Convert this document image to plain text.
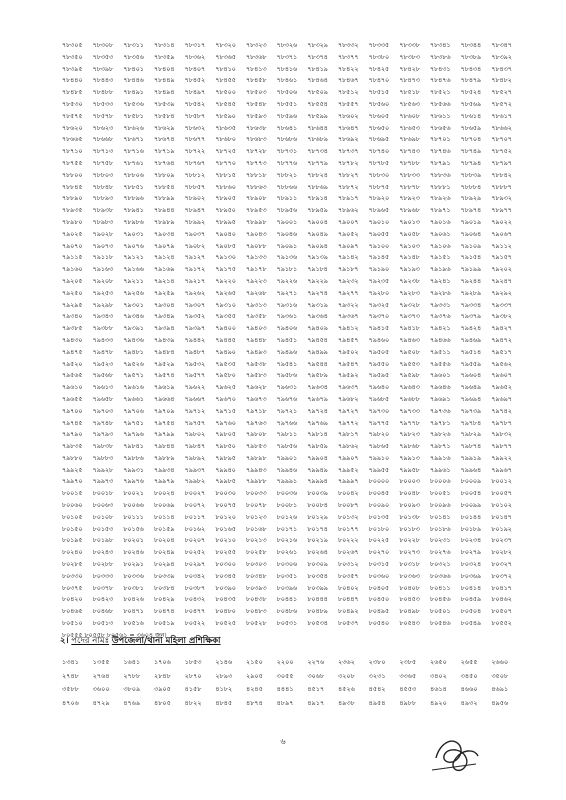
৭৮৩০৫	৭৮৩০৮	৭৮৩১১	৭৮৩১৪	৭৮৩১৭	৭৮৩২০	৭৮৩২৩	৭৮৩২৬	৭৮৩২৯	৭৮৩৩২	৭৮৩৩৫	৭৮৩৩৮	৭৮৩৪১	৭৮৩৪৪	৭৮৩৪৭
৭৮৩৫০	৭৮৩৫৩	৭৮৩৫৬	৭৮৩৫৯	৭৮৩৬২	৭৮৩৬৫	৭৮৩৬৮	৭৮৩৭১	৭৮৩৭৪	৭৮৩৭৭	৭৮৩৮০	৭৮৩৮৩	৭৮৩৮৬	৭৮৩৮৯	৭৮৩৯২
৭৮৩৯৫	৭৮৩৯৮	৭৮৪০১	৭৮৪০৪	৭৮৪০৭	৭৮৪১০	৭৮৪১৩	৭৮৪১৬	৭৮৪১৯	৭৮৪২২	৭৮৪২৫	৭৮৪২৮	৭৮৪৩১	৭৮৪৩৪	৭৮৪৩৭
৭৮৪৪০	৭৮৪৪৩	৭৮৪৪৬	৭৮৪৪৯	৭৮৪৫২	৭৮৪৫৫	৭৮৪৫৮	৭৮৪৬১	৭৮৪৬৪	৭৮৪৬৭	৭৮৪৭০	৭৮৪৭৩	৭৮৪৭৬	৭৮৪৭৯	৭৮৪৮২
৭৮৪৮৫	৭৮৪৮৮	৭৮৪৯১	৭৮৪৯৪	৭৮৪৯৭	৭৮৫০০	৭৮৫০৩	৭৮৫০৬	৭৮৫০৯	৭৮৫১২	৭৮৫১৫	৭৮৫১৮	৭৮৫২১	৭৮৫২৪	৭৮৫২৭
৭৮৫৩০	৭৮৫৩৩	৭৮৫৩৬	৭৮৫৩৯	৭৮৫৪২	৭৮৫৪৫	৭৮৫৪৮	৭৮৫৫১	৭৮৫৫৪	৭৮৫৫৭	৭৮৫৬০	৭৮৫৬৩	৭৮৫৬৬	৭৮৫৬৯	৭৮৫৭২
৭৮৫৭৫	৭৮৫৭৮	৭৮৫৮১	৭৮৫৮৪	৭৮৫৮৭	৭৮৫৯০	৭৮৫৯৩	৭৮৫৯৬	৭৮৫৯৯	৭৮৬০২	৭৮৬০৫	৭৮৬০৮	৭৮৬১১	৭৮৬১৪	৭৮৬১৭
৭৮৬২০	৭৮৬২৩	৭৮৬২৬	৭৮৬২৯	৭৮৬৩২	৭৮৬৩৫	৭৮৬৩৮	৭৮৬৪১	৭৮৬৪৪	৭৮৬৪৭	৭৮৬৫০	৭৮৬৫৩	৭৮৬৫৬	৭৮৬৫৯	৭৮৬৬২
৭৮৬৬৫	৭৮৬৬৮	৭৮৬৭১	৭৮৬৭৪	৭৮৬৭৭	৭৮৬৮০	৭৮৬৮৩	৭৮৬৮৬	৭৮৬৮৯	৭৮৬৯২	৭৮৬৯৫	৭৮৬৯৮	৭৮৭০১	৭৮৭০৪	৭৮৭০৭
৭৮৭১০	৭৮৭১৩	৭৮৭১৬	৭৮৭১৯	৭৮৭২২	৭৮৭২৫	৭৮৭২৮	৭৮৭৩১	৭৮৭৩৪	৭৮৭৩৭	৭৮৭৪০	৭৮৭৪৩	৭৮৭৪৬	৭৮৭৪৯	৭৮৭৫২
৭৮৭৫৫	৭৮৭৫৮	৭৮৭৬১	৭৮৭৬৪	৭৮৭৬৭	৭৮৭৭০	৭৮৭৭৩	৭৮৭৭৬	৭৮৭৭৯	৭৮৭৮২	৭৮৭৮৫	৭৮৭৮৮	৭৮৭৯১	৭৮৭৯৪	৭৮৭৯৭
৭৮৮০০	৭৮৮০৩	৭৮৮০৬	৭৮৮০৯	৭৮৮১২	৭৮৮১৫	৭৮৮১৮	৭৮৮২১	৭৮৮২৪	৭৮৮২৭	৭৮৮৩০	৭৮৮৩৩	৭৮৮৩৬	৭৮৮৩৯	৭৮৮৪২
৭৮৮৪৫	৭৮৮৪৮	৭৮৮৫১	৭৮৮৫৪	৭৮৮৫৭	৭৮৮৬০	৭৮৮৬৩	৭৮৮৬৬	৭৮৮৬৯	৭৮৮৭২	৭৮৮৭৫	৭৮৮৭৮	৭৮৮৮১	৭৮৮৮৪	৭৮৮৮৭
৭৮৮৯০	৭৮৮৯৩	৭৮৮৯৬	৭৮৮৯৯	৭৮৯০২	৭৮৯০৫	৭৮৯০৮	৭৮৯১১	৭৮৯১৪	৭৮৯১৭	৭৮৯২০	৭৮৯২৩	৭৮৯২৬	৭৮৯২৯	৭৮৯৩২
৭৮৯৩৫	৭৮৯৩৮	৭৮৯৪১	৭৮৯৪৪	৭৮৯৪৭	৭৮৯৫০	৭৮৯৫৩	৭৮৯৫৬	৭৮৯৫৯	৭৮৯৬২	৭৮৯৬৫	৭৮৯৬৮	৭৮৯৭১	৭৮৯৭৪	৭৮৯৭৭
৭৮৯৮০	৭৮৯৮৩	৭৮৯৮৬	৭৮৯৮৯	৭৮৯৯২	৭৮৯৯৫	৭৮৯৯৮	৭৯০০১	৭৯০০৪	৭৯০০৭	৭৯০১০	৭৯০১৩	৭৯০১৬	৭৯০১৯	৭৯০২২
৭৯০২৫	৭৯০২৮	৭৯০৩১	৭৯০৩৪	৭৯০৩৭	৭৯০৪০	৭৯০৪৩	৭৯০৪৬	৭৯০৪৯	৭৯০৫২	৭৯০৫৫	৭৯০৫৮	৭৯০৬১	৭৯০৬৪	৭৯০৬৭
৭৯০৭০	৭৯০৭৩	৭৯০৭৬	৭৯০৭৯	৭৯০৮২	৭৯০৮৫	৭৯০৮৮	৭৯০৯১	৭৯০৯৪	৭৯০৯৭	৭৯১০০	৭৯১০৩	৭৯১০৬	৭৯১০৯	৭৯১১২
৭৯১১৫	৭৯১১৮	৭৯১২১	৭৯১২৪	৭৯১২৭	৭৯১৩০	৭৯১৩৩	৭৯১৩৬	৭৯১৩৯	৭৯১৪২	৭৯১৪৫	৭৯১৪৮	৭৯১৫১	৭৯১৫৪	৭৯১৫৭
৭৯১৬০	৭৯১৬৩	৭৯১৬৬	৭৯১৬৯	৭৯১৭২	৭৯১৭৫	৭৯১৭৮	৭৯১৮১	৭৯১৮৪	৭৯১৮৭	৭৯১৯০	৭৯১৯৩	৭৯১৯৬	৭৯১৯৯	৭৯২০২
৭৯২০৫	৭৯২০৮	৭৯২১১	৭৯২১৪	৭৯২১৭	৭৯২২০	৭৯২২৩	৭৯২২৬	৭৯২২৯	৭৯২৩২	৭৯২৩৫	৭৯২৩৮	৭৯২৪১	৭৯২৪৪	৭৯২৪৭
৭৯২৫০	৭৯২৫৩	৭৯২৫৬	৭৯২৫৯	৭৯২৬২	৭৯২৬৫	৭৯২৬৮	৭৯২৭১	৭৯২৭৪	৭৯২৭৭	৭৯২৮০	৭৯২৮৩	৭৯২৮৬	৭৯২৮৯	৭৯২৯২
৭৯২৯৫	৭৯২৯৮	৭৯৩০১	৭৯৩০৪	৭৯৩০৭	৭৯৩১০	৭৯৩১৩	৭৯৩১৬	৭৯৩১৯	৭৯৩২২	৭৯৩২৫	৭৯৩২৮	৭৯৩৩১	৭৯৩৩৪	৭৯৩৩৭
৭৯৩৪০	৭৯৩৪৩	৭৯৩৪৬	৭৯৩৪৯	৭৯৩৫২	৭৯৩৫৫	৭৯৩৫৮	৭৯৩৬১	৭৯৩৬৪	৭৯৩৬৭	৭৯৩৭০	৭৯৩৭৩	৭৯৩৭৬	৭৯৩৭৯	৭৯৩৮২
৭৯৩৮৫	৭৯৩৮৮	৭৯৩৯১	৭৯৩৯৪	৭৯৩৯৭	৭৯৪০০	৭৯৪০৩	৭৯৪০৬	৭৯৪০৯	৭৯৪১২	৭৯৪১৫	৭৯৪১৮	৭৯৪২১	৭৯৪২৪	৭৯৪২৭
৭৯৪৩০	৭৯৪৩৩	৭৯৪৩৬	৭৯৪৩৯	৭৯৪৪২	৭৯৪৪৫	৭৯৪৪৮	৭৯৪৫১	৭৯৪৫৪	৭৯৪৫৭	৭৯৪৬০	৭৯৪৬৩	৭৯৪৬৬	৭৯৪৬৯	৭৯৪৭২
৭৯৪৭৫	৭৯৪৭৮	৭৯৪৮১	৭৯৪৮৪	৭৯৪৮৭	৭৯৪৯০	৭৯৪৯৩	৭৯৪৯৬	৭৯৪৯৯	৭৯৫০২	৭৯৫০৫	৭৯৫০৮	৭৯৫১১	৭৯৫১৪	৭৯৫১৭
৭৯৫২০	৭৯৫২৩	৭৯৫২৬	৭৯৫২৯	৭৯৫৩২	৭৯৫৩৫	৭৯৫৩৮	৭৯৫৪১	৭৯৫৪৪	৭৯৫৪৭	৭৯৫৫০	৭৯৫৫৩	৭৯৫৫৬	৭৯৫৫৯	৭৯৫৬২
৭৯৫৬৫	৭৯৫৬৮	৭৯৫৭১	৭৯৫৭৪	৭৯৫৭৭	৭৯৫৮০	৭৯৫৮৩	৭৯৫৮৬	৭৯৫৮৯	৭৯৫৯২	৭৯৫৯৫	৭৯৫৯৮	৭৯৬০১	৭৯৬০৪	৭৯৬০৭
৭৯৬১০	৭৯৬১৩	৭৯৬১৬	৭৯৬১৯	৭৯৬২২	৭৯৬২৫	৭৯৬২৮	৭৯৬৩১	৭৯৬৩৪	৭৯৬৩৭	৭৯৬৪০	৭৯৬৪৩	৭৯৬৪৬	৭৯৬৪৯	৭৯৬৫২
৭৯৬৫৫	৭৯৬৫৮	৭৯৬৬১	৭৯৬৬৪	৭৯৬৬৭	৭৯৬৭০	৭৯৬৭৩	৭৯৬৭৬	৭৯৬৭৯	৭৯৬৮২	৭৯৬৮৫	৭৯৬৮৮	৭৯৬৯১	৭৯৬৯৪	৭৯৬৯৭
৭৯৭০০	৭৯৭০৩	৭৯৭০৬	৭৯৭০৯	৭৯৭১২	৭৯৭১৫	৭৯৭১৮	৭৯৭২১	৭৯৭২৪	৭৯৭২৭	৭৯৭৩০	৭৯৭৩৩	৭৯৭৩৬	৭৯৭৩৯	৭৯৭৪২
৭৯৭৪৫	৭৯৭৪৮	৭৯৭৫১	৭৯৭৫৪	৭৯৭৫৭	৭৯৭৬০	৭৯৭৬৩	৭৯৭৬৬	৭৯৭৬৯	৭৯৭৭২	৭৯৭৭৫	৭৯৭৭৮	৭৯৭৮১	৭৯৭৮৪	৭৯৭৮৭
৭৯৭৯০	৭৯৭৯৩	৭৯৭৯৬	৭৯৭৯৯	৭৯৮০২	৭৯৮০৫	৭৯৮০৮	৭৯৮১১	৭৯৮১৪	৭৯৮১৭	৭৯৮২০	৭৯৮২৩	৭৯৮২৬	৭৯৮২৯	৭৯৮৩২
৭৯৮৩৫	৭৯৮৩৮	৭৯৮৪১	৭৯৮৪৪	৭৯৮৪৭	৭৯৮৫০	৭৯৮৫৩	৭৯৮৫৬	৭৯৮৫৯	৭৯৮৬২	৭৯৮৬৫	৭৯৮৬৮	৭৯৮৭১	৭৯৮৭৪	৭৯৮৭৭
৭৯৮৮০	৭৯৮৮৩	৭৯৮৮৬	৭৯৮৮৯	৭৯৮৯২	৭৯৮৯৫	৭৯৮৯৮	৭৯৯০১	৭৯৯০৪	৭৯৯০৭	৭৯৯১০	৭৯৯১৩	৭৯৯১৬	৭৯৯১৯	৭৯৯২২
৭৯৯২৫	৭৯৯২৮	৭৯৯৩১	৭৯৯৩৪	৭৯৯৩৭	৭৯৯৪০	৭৯৯৪৩	৭৯৯৪৬	৭৯৯৪৯	৭৯৯৫২	৭৯৯৫৫	৭৯৯৫৮	৭৯৯৬১	৭৯৯৬৪	৭৯৯৬৭
৭৯৯৭০	৭৯৯৭৩	৭৯৯৭৬	৭৯৯৭৯	৭৯৯৮২	৭৯৯৮৫	৭৯৯৮৮	৭৯৯৯১	৭৯৯৯৪	৭৯৯৯৭	৮০০০০	৮০০০৩	৮০০০৬	৮০০০৯	৮০০১২
৮০০১৫	৮০০১৮	৮০০২১	৮০০২৪	৮০০২৭	৮০০৩০	৮০০৩৩	৮০০৩৬	৮০০৩৯	৮০০৪২	৮০০৪৫	৮০০৪৮	৮০০৫১	৮০০৫৪	৮০০৫৭
৮০০৬০	৮০০৬৩	৮০০৬৬	৮০০৬৯	৮০০৭২	৮০০৭৫	৮০০৭৮	৮০০৮১	৮০০৮৪	৮০০৮৭	৮০০৯০	৮০০৯৩	৮০০৯৬	৮০০৯৯	৮০১০২
৮০১০৫	৮০১০৮	৮০১১১	৮০১১৪	৮০১১৭	৮০১২০	৮০১২৩	৮০১২৬	৮০১২৯	৮০১৩২	৮০১৩৫	৮০১৩৮	৮০১৪১	৮০১৪৪	৮০১৪৭
৮০১৫০	৮০১৫৩	৮০১৫৬	৮০১৫৯	৮০১৬২	৮০১৬৫	৮০১৬৮	৮০১৭১	৮০১৭৪	৮০১৭৭	৮০১৮০	৮০১৮৩	৮০১৮৬	৮০১৮৯	৮০১৯২
৮০১৯৫	৮০১৯৮	৮০২০১	৮০২০৪	৮০২০৭	৮০২১০	৮০২১৩	৮০২১৬	৮০২১৯	৮০২২২	৮০২২৫	৮০২২৮	৮০২৩১	৮০২৩৪	৮০২৩৭
৮০২৪০	৮০২৪৩	৮০২৪৬	৮০২৪৯	৮০২৫২	৮০২৫৫	৮০২৫৮	৮০২৬১	৮০২৬৪	৮০২৬৭	৮০২৭০	৮০২৭৩	৮০২৭৬	৮০২৭৯	৮০২৮২
৮০২৮৫	৮০২৮৮	৮০২৯১	৮০২৯৪	৮০২৯৭	৮০৩০০	৮০৩০৩	৮০৩০৬	৮০৩০৯	৮০৩১২	৮০৩১৫	৮০৩১৮	৮০৩২১	৮০৩২৪	৮০৩২৭
৮০৩৩০	৮০৩৩৩	৮০৩৩৬	৮০৩৩৯	৮০৩৪২	৮০৩৪৫	৮০৩৪৮	৮০৩৫১	৮০৩৫৪	৮০৩৫৭	৮০৩৬০	৮০৩৬৩	৮০৩৬৬	৮০৩৬৯	৮০৩৭২
৮০৩৭৫	৮০৩৭৮	৮০৩৮১	৮০৩৮৪	৮০৩৮৭	৮০৩৯০	৮০৩৯৩	৮০৩৯৬	৮০৩৯৯	৮০৪০২	৮০৪০৫	৮০৪০৮	৮০৪১১	৮০৪১৪	৮০৪১৭
৮০৪২০	৮০৪২৩	৮০৪২৬	৮০৪২৯	৮০৪৩২	৮০৪৩৫	৮০৪৩৮	৮০৪৪১	৮০৪৪৪	৮০৪৪৭	৮০৪৫০	৮০৪৫৩	৮০৪৫৬	৮০৪৫৯	৮০৪৬২
৮০৪৬৫	৮০৪৬৮	৮০৪৭১	৮০৪৭৪	৮০৪৭৭	৮০৪৮০	৮০৪৮৩	৮০৪৮৬	৮০৪৮৯	৮০৪৯২	৮০৪৯৫	৮০৪৯৮	৮০৫০১	৮০৫০৪	৮০৫০৭
৮০৫১০	৮০৫১৩	৮০৫১৬	৮০৫১৯	৮০৫২২	৮০৫২৫	৮০৫২৮	৮০৫৩১	৮০৫৩৪	৮০৫৩৭	৮০৫৪০	৮০৫৪৩	৮০৫৪৬	৮০৫৪৯	৮০৫৫২
৮০৫৫৫ ৮০৫৫৮ ৮০৫৬১ = ৩৬০৪ জন।
২। পদের নামঃ উপজেলা/থানা মহিলা প্রশিক্ষিকা
১৩৪১	১৩৫৫	১৬৪১	১৭০৬	১৮৫৩	২১৪৬	২১৫০	২২০০	২২৭৬	২৩৬২	২৩৮০	২৩৮৫	২৬৫০	২৬৫৫	২৬৬০
২৭৪৮	২৭৬৪	২৭৮৮	২৮৪৮	২৮৭০	২৮৯৩	২৯০৫	৩০৫৫	৩০৬৮	৩২০৮	৩২৩১	৩৩৬৫	৩৪০২	৩৪৫০	৩৫০৮
৩৫৮৮	৩৬০০	৩৮০৯	৩৯০৫	৪১৫৮	৪১৮২	৪২৪৫	৪৪৪১	৪৫১৭	৪৫২৬	৪৫৪২	৪৫৫৩	৪৬১৪	৪৬৬০	৪৬৯১
৪৭০৬	৪৭২৯	৪৭৬৯	৪৮০৫	৪৮২২	৪৮৪৫	৪৮৭৪	৪৮৯৭	৪৯১৭	৪৯৩৮	৪৯৫৪	৪৯৮৮	৪৯২০	৪৯৩২	৪৯৫৬
৬
